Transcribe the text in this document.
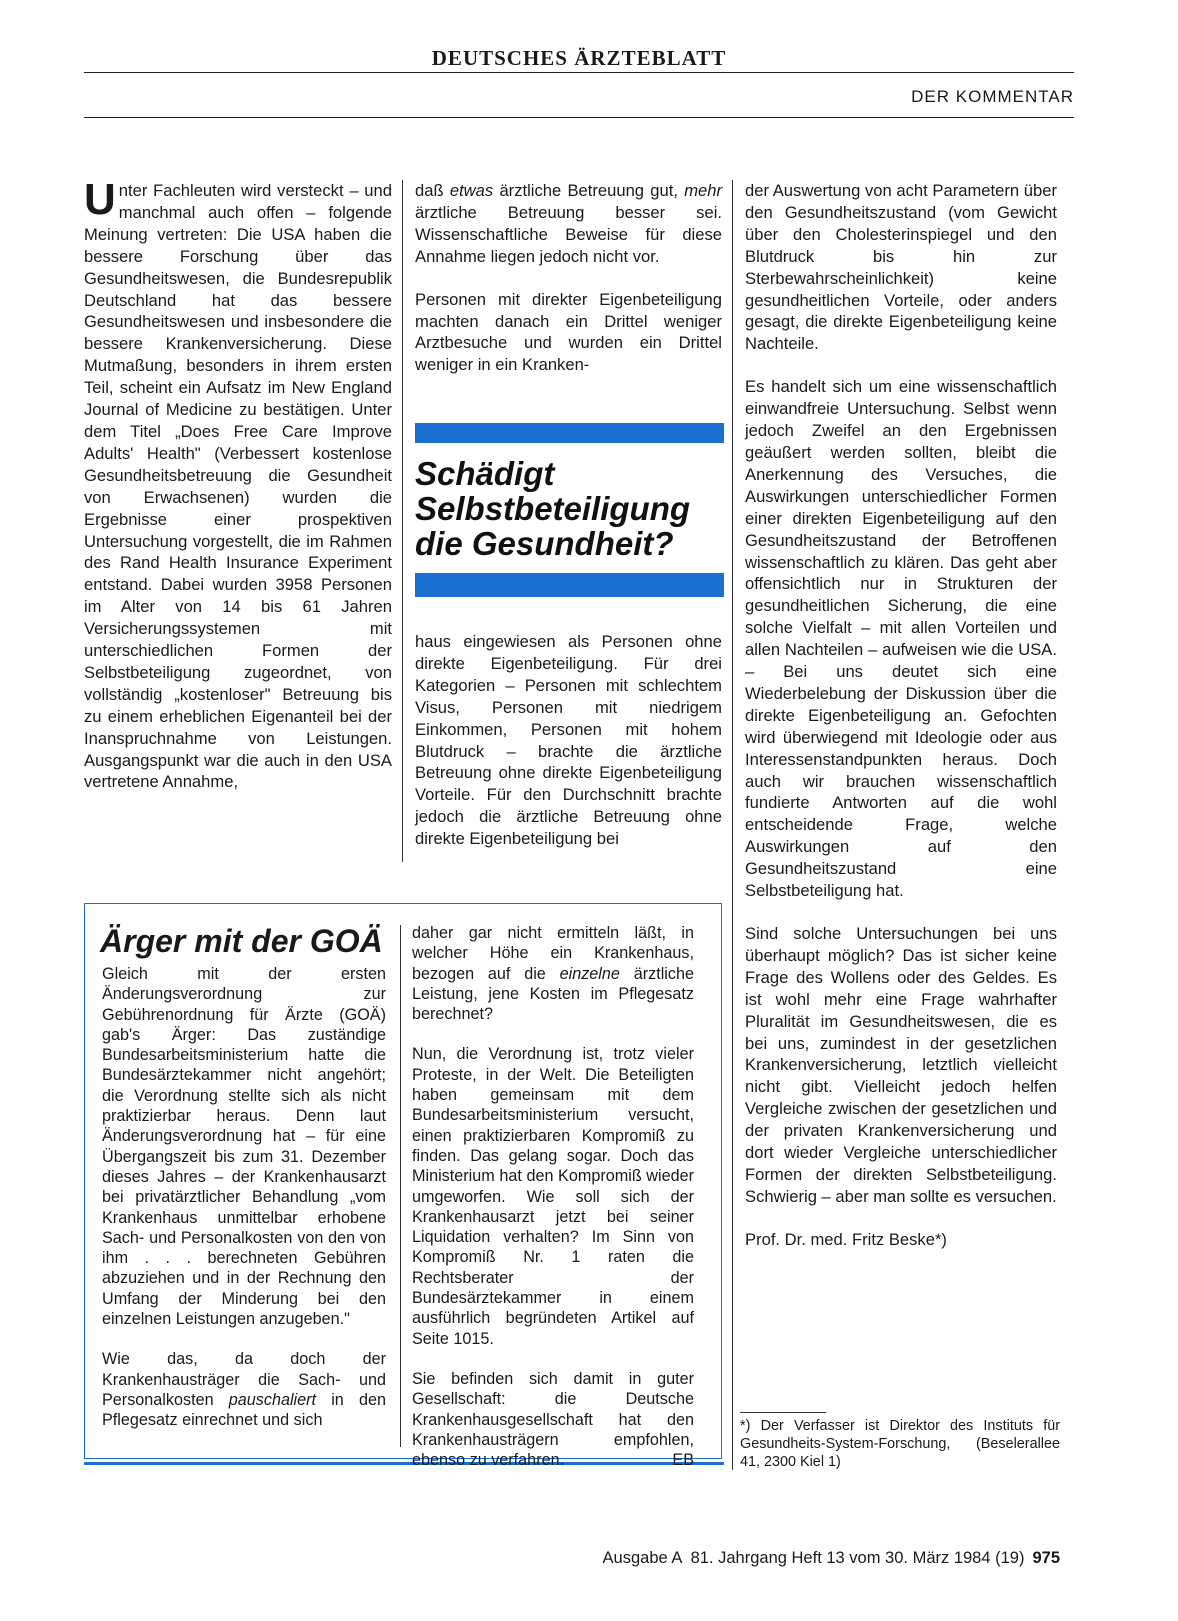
DEUTSCHES ÄRZTEBLATT
DER KOMMENTAR

Unter Fachleuten wird versteckt – und manchmal auch offen – folgende Meinung vertreten: Die USA haben die bessere Forschung über das Gesundheitswesen, die Bundesrepublik Deutschland hat das bessere Gesundheitswesen und insbesondere die bessere Krankenversicherung. Diese Mutmaßung, besonders in ihrem ersten Teil, scheint ein Aufsatz im New England Journal of Medicine zu bestätigen. Unter dem Titel „Does Free Care Improve Adults' Health" (Verbessert kostenlose Gesundheitsbetreuung die Gesundheit von Erwachsenen) wurden die Ergebnisse einer prospektiven Untersuchung vorgestellt, die im Rahmen des Rand Health Insurance Experiment entstand. Dabei wurden 3958 Personen im Alter von 14 bis 61 Jahren Versicherungssystemen mit unterschiedlichen Formen der Selbstbeteiligung zugeordnet, von vollständig „kostenloser" Betreuung bis zu einem erheblichen Eigenanteil bei der Inanspruchnahme von Leistungen. Ausgangspunkt war die auch in den USA vertretene Annahme,

daß etwas ärztliche Betreuung gut, mehr ärztliche Betreuung besser sei. Wissenschaftliche Beweise für diese Annahme liegen jedoch nicht vor.

Personen mit direkter Eigenbeteiligung machten danach ein Drittel weniger Arztbesuche und wurden ein Drittel weniger in ein Kranken-

Schädigt
Selbstbeteiligung
die Gesundheit?

haus eingewiesen als Personen ohne direkte Eigenbeteiligung. Für drei Kategorien – Personen mit schlechtem Visus, Personen mit niedrigem Einkommen, Personen mit hohem Blutdruck – brachte die ärztliche Betreuung ohne direkte Eigenbeteiligung Vorteile. Für den Durchschnitt brachte jedoch die ärztliche Betreuung ohne direkte Eigenbeteiligung bei

der Auswertung von acht Parametern über den Gesundheitszustand (vom Gewicht über den Cholesterinspiegel und den Blutdruck bis hin zur Sterbewahrscheinlichkeit) keine gesundheitlichen Vorteile, oder anders gesagt, die direkte Eigenbeteiligung keine Nachteile.

Es handelt sich um eine wissenschaftlich einwandfreie Untersuchung. Selbst wenn jedoch Zweifel an den Ergebnissen geäußert werden sollten, bleibt die Anerkennung des Versuches, die Auswirkungen unterschiedlicher Formen einer direkten Eigenbeteiligung auf den Gesundheitszustand der Betroffenen wissenschaftlich zu klären. Das geht aber offensichtlich nur in Strukturen der gesundheitlichen Sicherung, die eine solche Vielfalt – mit allen Vorteilen und allen Nachteilen – aufweisen wie die USA. – Bei uns deutet sich eine Wiederbelebung der Diskussion über die direkte Eigenbeteiligung an. Gefochten wird überwiegend mit Ideologie oder aus Interessenstandpunkten heraus. Doch auch wir brauchen wissenschaftlich fundierte Antworten auf die wohl entscheidende Frage, welche Auswirkungen auf den Gesundheitszustand eine Selbstbeteiligung hat.

Sind solche Untersuchungen bei uns überhaupt möglich? Das ist sicher keine Frage des Wollens oder des Geldes. Es ist wohl mehr eine Frage wahrhafter Pluralität im Gesundheitswesen, die es bei uns, zumindest in der gesetzlichen Krankenversicherung, letztlich vielleicht nicht gibt. Vielleicht jedoch helfen Vergleiche zwischen der gesetzlichen und der privaten Krankenversicherung und dort wieder Vergleiche unterschiedlicher Formen der direkten Selbstbeteiligung. Schwierig – aber man sollte es versuchen.

Prof. Dr. med. Fritz Beske*)

*) Der Verfasser ist Direktor des Instituts für Gesundheits-System-Forschung, (Beselerallee 41, 2300 Kiel 1)
Ärger mit der GOÄ

Gleich mit der ersten Änderungsverordnung zur Gebührenordnung für Ärzte (GOÄ) gab's Ärger: Das zuständige Bundesarbeitsministerium hatte die Bundesärztekammer nicht angehört; die Verordnung stellte sich als nicht praktizierbar heraus. Denn laut Änderungsverordnung hat – für eine Übergangszeit bis zum 31. Dezember dieses Jahres – der Krankenhausarzt bei privatärztlicher Behandlung „vom Krankenhaus unmittelbar erhobene Sach- und Personalkosten von den von ihm . . . berechneten Gebühren abzuziehen und in der Rechnung den Umfang der Minderung bei den einzelnen Leistungen anzugeben."

Wie das, da doch der Krankenhausträger die Sach- und Personalkosten pauschaliert in den Pflegesatz einrechnet und sich

daher gar nicht ermitteln läßt, in welcher Höhe ein Krankenhaus, bezogen auf die einzelne ärztliche Leistung, jene Kosten im Pflegesatz berechnet?

Nun, die Verordnung ist, trotz vieler Proteste, in der Welt. Die Beteiligten haben gemeinsam mit dem Bundesarbeitsministerium versucht, einen praktizierbaren Kompromiß zu finden. Das gelang sogar. Doch das Ministerium hat den Kompromiß wieder umgeworfen. Wie soll sich der Krankenhausarzt jetzt bei seiner Liquidation verhalten? Im Sinn von Kompromiß Nr. 1 raten die Rechtsberater der Bundesärztekammer in einem ausführlich begründeten Artikel auf Seite 1015.

Sie befinden sich damit in guter Gesellschaft: die Deutsche Krankenhausgesellschaft hat den Krankenhausträgern empfohlen, ebenso zu verfahren.	EB

Ausgabe A  81. Jahrgang Heft 13 vom 30. März 1984 (19) 975
